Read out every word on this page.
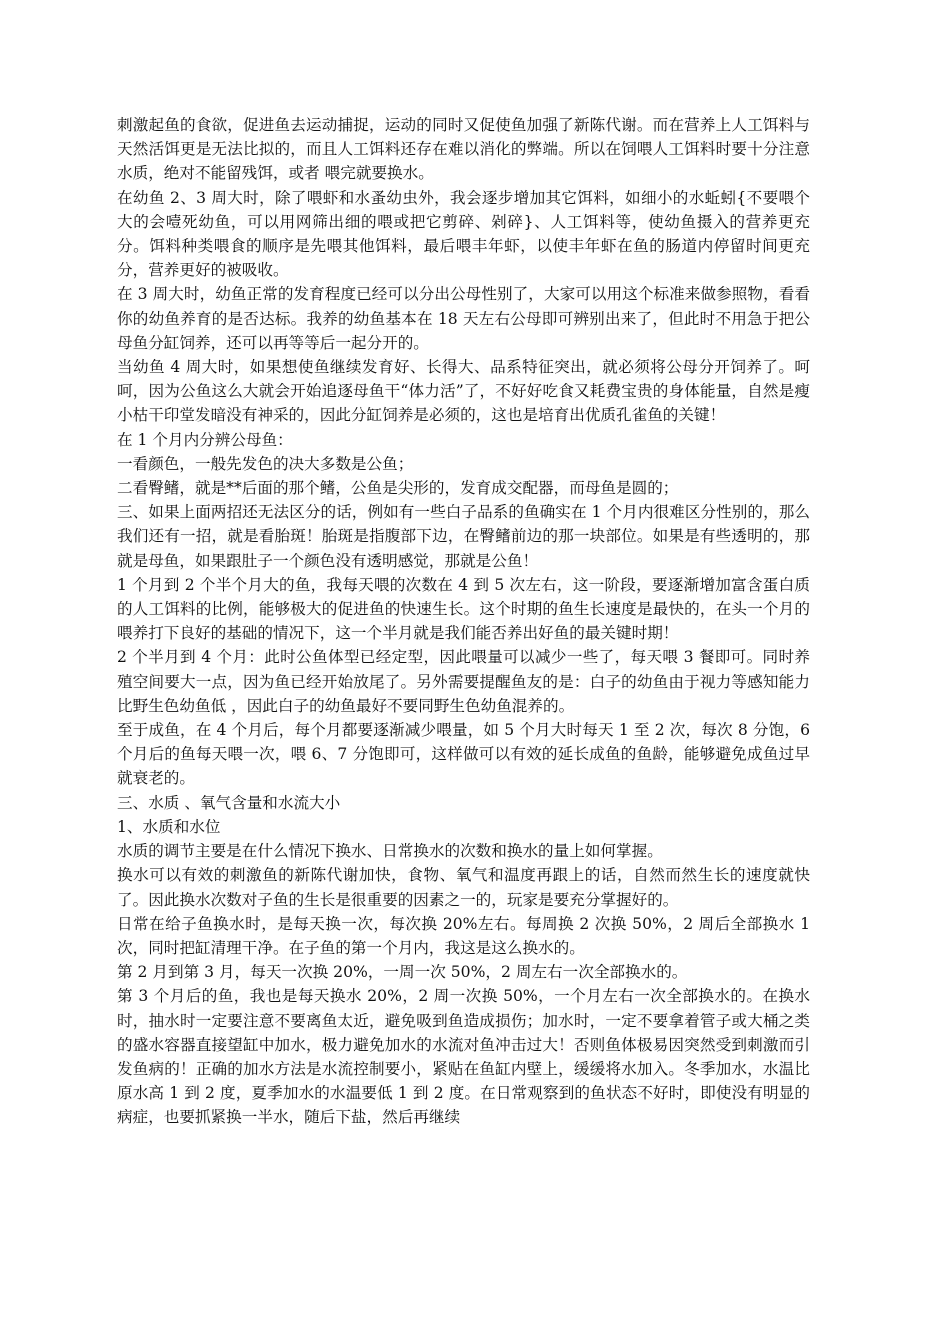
刺激起鱼的食欲，促进鱼去运动捕捉，运动的同时又促使鱼加强了新陈代谢。而在营养上人工饵料与天然活饵更是无法比拟的，而且人工饵料还存在难以消化的弊端。所以在饲喂人工饵料时要十分注意水质，绝对不能留残饵，或者 喂完就要换水。

在幼鱼 2、3 周大时，除了喂虾和水蚤幼虫外，我会逐步增加其它饵料，如细小的水蚯蚓{不要喂个大的会噎死幼鱼，可以用网筛出细的喂或把它剪碎、剁碎}、人工饵料等，使幼鱼摄入的营养更充分。饵料种类喂食的顺序是先喂其他饵料，最后喂丰年虾，以使丰年虾在鱼的肠道内停留时间更充分，营养更好的被吸收。

在 3 周大时，幼鱼正常的发育程度已经可以分出公母性别了，大家可以用这个标准来做参照物，看看你的幼鱼养育的是否达标。我养的幼鱼基本在 18 天左右公母即可辨别出来了，但此时不用急于把公母鱼分缸饲养，还可以再等等后一起分开的。

当幼鱼 4 周大时，如果想使鱼继续发育好、长得大、品系特征突出，就必须将公母分开饲养了。呵呵，因为公鱼这么大就会开始追逐母鱼干“体力活”了，不好好吃食又耗费宝贵的身体能量，自然是瘦小枯干印堂发暗没有神采的，因此分缸饲养是必须的，这也是培育出优质孔雀鱼的关键！

在 1 个月内分辨公母鱼：

一看颜色，一般先发色的决大多数是公鱼；

二看臀鳍，就是**后面的那个鳍，公鱼是尖形的，发育成交配器，而母鱼是圆的；

三、如果上面两招还无法区分的话，例如有一些白子品系的鱼确实在 1 个月内很难区分性别的，那么我们还有一招，就是看胎斑！胎斑是指腹部下边，在臀鳍前边的那一块部位。如果是有些透明的，那就是母鱼，如果跟肚子一个颜色没有透明感觉，那就是公鱼！

1 个月到 2 个半个月大的鱼，我每天喂的次数在 4 到 5 次左右，这一阶段，要逐渐增加富含蛋白质的人工饵料的比例，能够极大的促进鱼的快速生长。这个时期的鱼生长速度是最快的，在头一个月的喂养打下良好的基础的情况下，这一个半月就是我们能否养出好鱼的最关键时期！

2 个半月到 4 个月：此时公鱼体型已经定型，因此喂量可以减少一些了，每天喂 3 餐即可。同时养殖空间要大一点，因为鱼已经开始放尾了。另外需要提醒鱼友的是：白子的幼鱼由于视力等感知能力比野生色幼鱼低 ，因此白子的幼鱼最好不要同野生色幼鱼混养的。

至于成鱼，在 4 个月后，每个月都要逐渐减少喂量，如 5 个月大时每天 1 至 2 次，每次 8 分饱，6 个月后的鱼每天喂一次，喂 6、7 分饱即可，这样做可以有效的延长成鱼的鱼龄，能够避免成鱼过早就衰老的。

三、水质 、氧气含量和水流大小

1、水质和水位

水质的调节主要是在什么情况下换水、日常换水的次数和换水的量上如何掌握。

换水可以有效的刺激鱼的新陈代谢加快，食物、氧气和温度再跟上的话，自然而然生长的速度就快了。因此换水次数对子鱼的生长是很重要的因素之一的，玩家是要充分掌握好的。

日常在给子鱼换水时，是每天换一次，每次换 20%左右。每周换 2 次换 50%，2 周后全部换水 1 次，同时把缸清理干净。在子鱼的第一个月内，我这是这么换水的。

第 2 月到第 3 月，每天一次换 20%，一周一次 50%，2 周左右一次全部换水的。

第 3 个月后的鱼，我也是每天换水 20%，2 周一次换 50%，一个月左右一次全部换水的。在换水时，抽水时一定要注意不要离鱼太近，避免吸到鱼造成损伤；加水时，一定不要拿着管子或大桶之类的盛水容器直接望缸中加水，极力避免加水的水流对鱼冲击过大！否则鱼体极易因突然受到刺激而引发鱼病的！正确的加水方法是水流控制要小，紧贴在鱼缸内壁上，缓缓将水加入。冬季加水，水温比原水高 1 到 2 度，夏季加水的水温要低 1 到 2 度。在日常观察到的鱼状态不好时，即使没有明显的病症，也要抓紧换一半水，随后下盐，然后再继续
